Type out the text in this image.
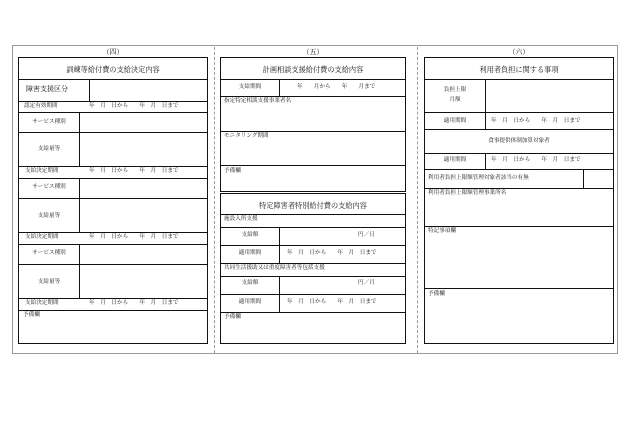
（四）	（五）	（六）
訓練等給付費の支給決定内容
障害支援区分
認定有効期間	年　月　日から　　年　月　日まで
サービス種別
支給量等
支給決定期間	年　月　日から　　年　月　日まで
サービス種別
支給量等
支給決定期間	年　月　日から　　年　月　日まで
サービス種別
支給量等
支給決定期間	年　月　日から　　年　月　日まで
予備欄
計画相談支援給付費の支給内容
支給期間	年　　月から　　年　　月まで
指定特定相談支援事業者名
モニタリング期間
予備欄
特定障害者特別給付費の支給内容
施設入所支援
支給額	円／日
適用期間	年　月　日から　　年　月　日まで
共同生活援助又は重度障害者等包括支援
支給額	円／月
適用期間	年　月　日から　　年　月　日まで
予備欄
利用者負担に関する事項
負担上限
月額
適用期間	年　月　日から　　年　月　日まで
食事提供体制加算対象者
適用期間	年　月　日から　　年　月　日まで
利用者負担上限額管理対象者該当の有無
利用者負担上限額管理事業所名
特記事項欄
予備欄
